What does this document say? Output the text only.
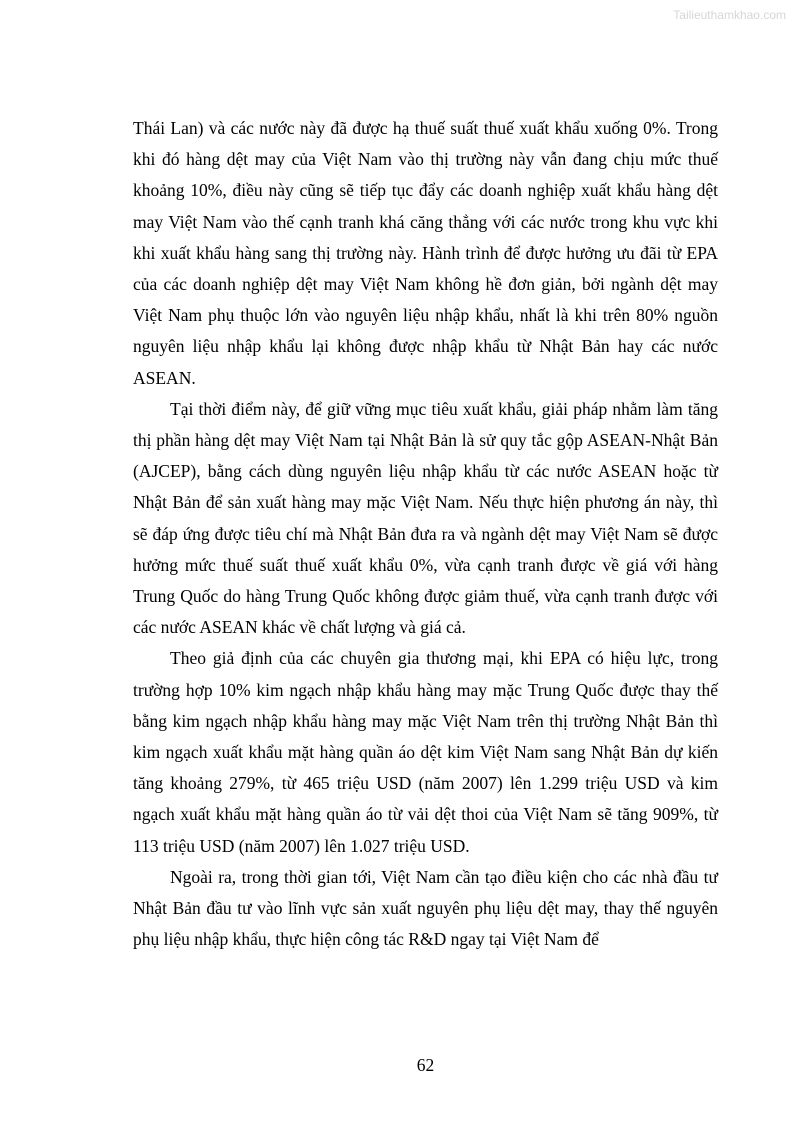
Tailieuthamkhao.com

Thái Lan) và các nước này đã được hạ thuế suất thuế xuất khẩu xuống 0%. Trong khi đó hàng dệt may của Việt Nam vào thị trường này vẫn đang chịu mức thuế khoảng 10%, điều này cũng sẽ tiếp tục đẩy các doanh nghiệp xuất khẩu hàng dệt may Việt Nam vào thế cạnh tranh khá căng thẳng với các nước trong khu vực khi khi xuất khẩu hàng sang thị trường này. Hành trình để được hưởng ưu đãi từ EPA của các doanh nghiệp dệt may Việt Nam không hề đơn giản, bởi ngành dệt may Việt Nam phụ thuộc lớn vào nguyên liệu nhập khẩu, nhất là khi trên 80% nguồn nguyên liệu nhập khẩu lại không được nhập khẩu từ Nhật Bản hay các nước ASEAN.

Tại thời điểm này, để giữ vững mục tiêu xuất khẩu, giải pháp nhằm làm tăng thị phần hàng dệt may Việt Nam tại Nhật Bản là sử quy tắc gộp ASEAN-Nhật Bản (AJCEP), bằng cách dùng nguyên liệu nhập khẩu từ các nước ASEAN hoặc từ Nhật Bản để sản xuất hàng may mặc Việt Nam. Nếu thực hiện phương án này, thì sẽ đáp ứng được tiêu chí mà Nhật Bản đưa ra và ngành dệt may Việt Nam sẽ được hưởng mức thuế suất thuế xuất khẩu 0%, vừa cạnh tranh được về giá với hàng Trung Quốc do hàng Trung Quốc không được giảm thuế, vừa cạnh tranh được với các nước ASEAN khác về chất lượng và giá cả.

Theo giả định của các chuyên gia thương mại, khi EPA có hiệu lực, trong trường hợp 10% kim ngạch nhập khẩu hàng may mặc Trung Quốc được thay thế bằng kim ngạch nhập khẩu hàng may mặc Việt Nam trên thị trường Nhật Bản thì kim ngạch xuất khẩu mặt hàng quần áo dệt kim Việt Nam sang Nhật Bản dự kiến tăng khoảng 279%, từ 465 triệu USD (năm 2007) lên 1.299 triệu USD và kim ngạch xuất khẩu mặt hàng quần áo từ vải dệt thoi của Việt Nam sẽ tăng 909%, từ 113 triệu USD (năm 2007) lên 1.027 triệu USD.

Ngoài ra, trong thời gian tới, Việt Nam cần tạo điều kiện cho các nhà đầu tư Nhật Bản đầu tư vào lĩnh vực sản xuất nguyên phụ liệu dệt may, thay thế nguyên phụ liệu nhập khẩu, thực hiện công tác R&D ngay tại Việt Nam để

62
